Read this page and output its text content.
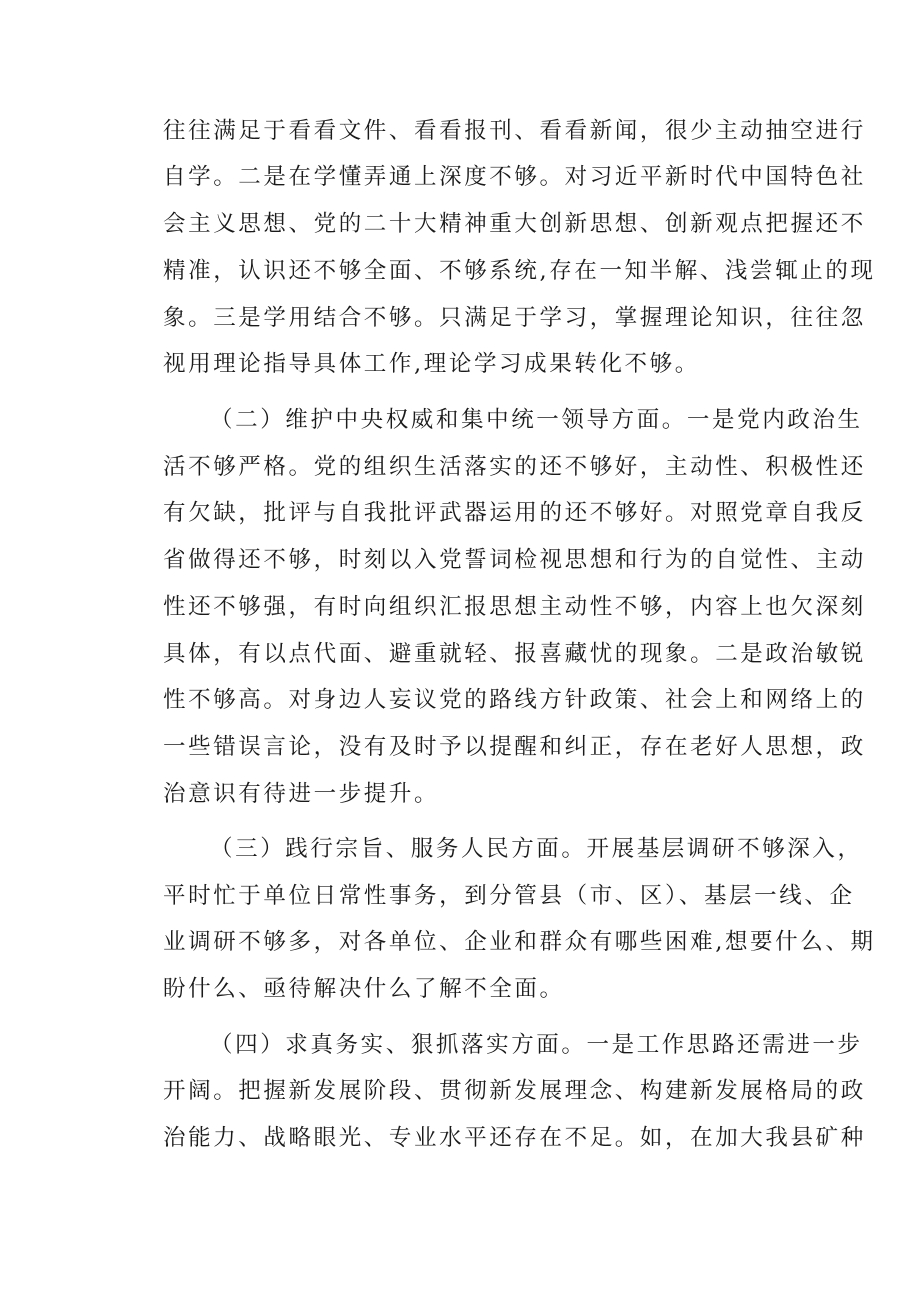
往往满足于看看文件、看看报刊、看看新闻，很少主动抽空进行
自学。二是在学懂弄通上深度不够。对习近平新时代中国特色社
会主义思想、党的二十大精神重大创新思想、创新观点把握还不
精准，认识还不够全面、不够系统,存在一知半解、浅尝辄止的现
象。三是学用结合不够。只满足于学习，掌握理论知识，往往忽
视用理论指导具体工作,理论学习成果转化不够。
（二）维护中央权威和集中统一领导方面。一是党内政治生
活不够严格。党的组织生活落实的还不够好，主动性、积极性还
有欠缺，批评与自我批评武器运用的还不够好。对照党章自我反
省做得还不够，时刻以入党誓词检视思想和行为的自觉性、主动
性还不够强，有时向组织汇报思想主动性不够，内容上也欠深刻
具体，有以点代面、避重就轻、报喜藏忧的现象。二是政治敏锐
性不够高。对身边人妄议党的路线方针政策、社会上和网络上的
一些错误言论，没有及时予以提醒和纠正，存在老好人思想，政
治意识有待进一步提升。
（三）践行宗旨、服务人民方面。开展基层调研不够深入，
平时忙于单位日常性事务，到分管县（市、区）、基层一线、企
业调研不够多，对各单位、企业和群众有哪些困难,想要什么、期
盼什么、亟待解决什么了解不全面。
（四）求真务实、狠抓落实方面。一是工作思路还需进一步
开阔。把握新发展阶段、贯彻新发展理念、构建新发展格局的政
治能力、战略眼光、专业水平还存在不足。如，在加大我县矿种
